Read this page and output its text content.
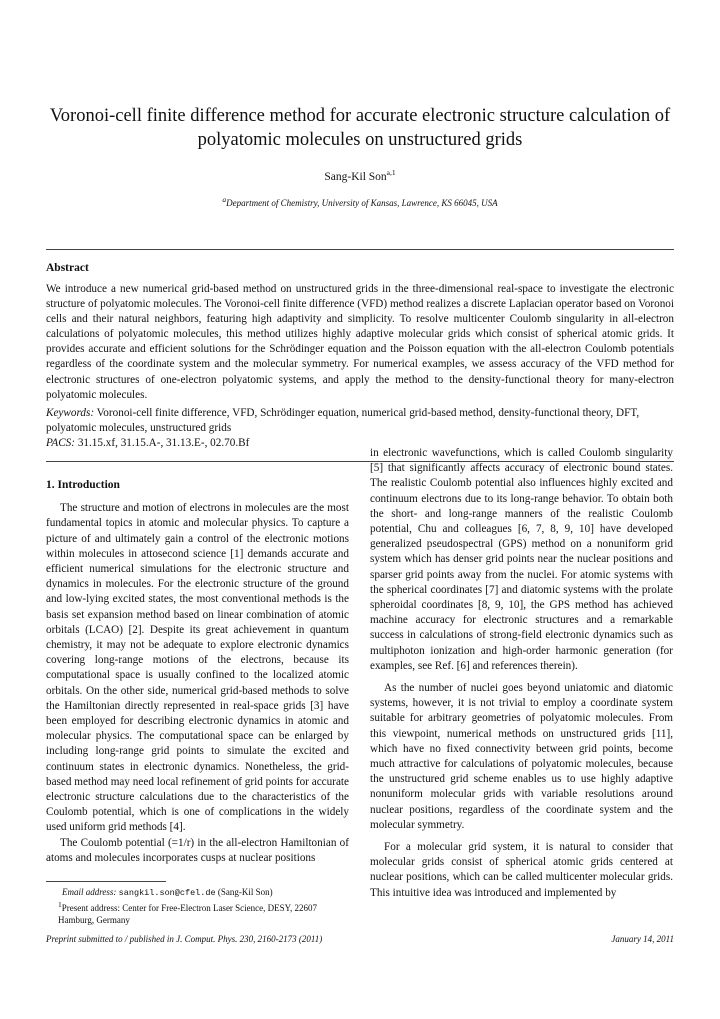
Voronoi-cell finite difference method for accurate electronic structure calculation of polyatomic molecules on unstructured grids
Sang-Kil Son$^{a,1}$
$^a$Department of Chemistry, University of Kansas, Lawrence, KS 66045, USA
Abstract
We introduce a new numerical grid-based method on unstructured grids in the three-dimensional real-space to investigate the electronic structure of polyatomic molecules. The Voronoi-cell finite difference (VFD) method realizes a discrete Laplacian operator based on Voronoi cells and their natural neighbors, featuring high adaptivity and simplicity. To resolve multicenter Coulomb singularity in all-electron calculations of polyatomic molecules, this method utilizes highly adaptive molecular grids which consist of spherical atomic grids. It provides accurate and efficient solutions for the Schrödinger equation and the Poisson equation with the all-electron Coulomb potentials regardless of the coordinate system and the molecular symmetry. For numerical examples, we assess accuracy of the VFD method for electronic structures of one-electron polyatomic systems, and apply the method to the density-functional theory for many-electron polyatomic molecules.
Keywords: Voronoi-cell finite difference, VFD, Schrödinger equation, numerical grid-based method, density-functional theory, DFT, polyatomic molecules, unstructured grids
PACS: 31.15.xf, 31.15.A-, 31.13.E-, 02.70.Bf

1. Introduction

The structure and motion of electrons in molecules are the most fundamental topics in atomic and molecular physics. To capture a picture of and ultimately gain a control of the electronic motions within molecules in attosecond science [1] demands accurate and efficient numerical simulations for the electronic structure and dynamics in molecules. For the electronic structure of the ground and low-lying excited states, the most conventional methods is the basis set expansion method based on linear combination of atomic orbitals (LCAO) [2]. Despite its great achievement in quantum chemistry, it may not be adequate to explore electronic dynamics covering long-range motions of the electrons, because its computational space is usually confined to the localized atomic orbitals. On the other side, numerical grid-based methods to solve the Hamiltonian directly represented in real-space grids [3] have been employed for describing electronic dynamics in atomic and molecular physics. The computational space can be enlarged by including long-range grid points to simulate the excited and continuum states in electronic dynamics. Nonetheless, the grid-based method may need local refinement of grid points for accurate electronic structure calculations due to the characteristics of the Coulomb potential, which is one of complications in the widely used uniform grid methods [4].

The Coulomb potential (=1/r) in the all-electron Hamiltonian of atoms and molecules incorporates cusps at nuclear positions

in electronic wavefunctions, which is called Coulomb singularity [5] that significantly affects accuracy of electronic bound states. The realistic Coulomb potential also influences highly excited and continuum electrons due to its long-range behavior. To obtain both the short- and long-range manners of the realistic Coulomb potential, Chu and colleagues [6, 7, 8, 9, 10] have developed generalized pseudospectral (GPS) method on a nonuniform grid system which has denser grid points near the nuclear positions and sparser grid points away from the nuclei. For atomic systems with the spherical coordinates [7] and diatomic systems with the prolate spheroidal coordinates [8, 9, 10], the GPS method has achieved machine accuracy for electronic structures and a remarkable success in calculations of strong-field electronic dynamics such as multiphoton ionization and high-order harmonic generation (for examples, see Ref. [6] and references therein).

As the number of nuclei goes beyond uniatomic and diatomic systems, however, it is not trivial to employ a coordinate system suitable for arbitrary geometries of polyatomic molecules. From this viewpoint, numerical methods on unstructured grids [11], which have no fixed connectivity between grid points, become much attractive for calculations of polyatomic molecules, because the unstructured grid scheme enables us to use highly adaptive nonuniform molecular grids with variable resolutions around nuclear positions, regardless of the coordinate system and the molecular symmetry.

For a molecular grid system, it is natural to consider that molecular grids consist of spherical atomic grids centered at nuclear positions, which can be called multicenter molecular grids. This intuitive idea was introduced and implemented by

Email address: sangkil.son@cfel.de (Sang-Kil Son)
$^1$Present address: Center for Free-Electron Laser Science, DESY, 22607 Hamburg, Germany
Preprint submitted to / published in J. Comput. Phys. 230, 2160-2173 (2011)	January 14, 2011
